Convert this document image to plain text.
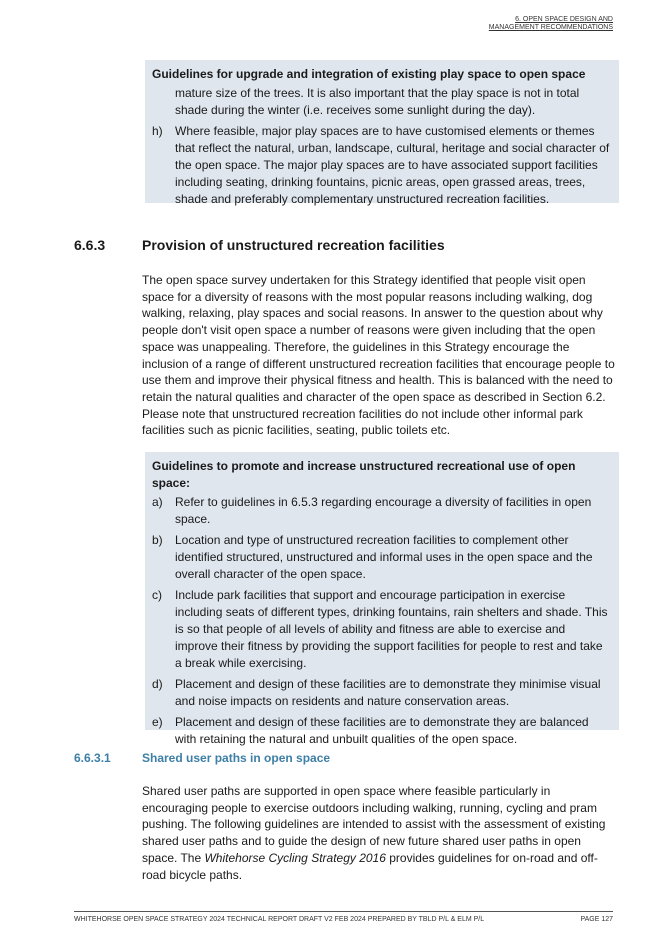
6. OPEN SPACE DESIGN AND
MANAGEMENT RECOMMENDATIONS
Guidelines for upgrade and integration of existing play space to open space
mature size of the trees. It is also important that the play space is not in total shade during the winter (i.e. receives some sunlight during the day).
h)	Where feasible, major play spaces are to have customised elements or themes that reflect the natural, urban, landscape, cultural, heritage and social character of the open space. The major play spaces are to have associated support facilities including seating, drinking fountains, picnic areas, open grassed areas, trees, shade and preferably complementary unstructured recreation facilities.
6.6.3	Provision of unstructured recreation facilities
The open space survey undertaken for this Strategy identified that people visit open space for a diversity of reasons with the most popular reasons including walking, dog walking, relaxing, play spaces and social reasons. In answer to the question about why people don't visit open space a number of reasons were given including that the open space was unappealing. Therefore, the guidelines in this Strategy encourage the inclusion of a range of different unstructured recreation facilities that encourage people to use them and improve their physical fitness and health. This is balanced with the need to retain the natural qualities and character of the open space as described in Section 6.2. Please note that unstructured recreation facilities do not include other informal park facilities such as picnic facilities, seating, public toilets etc.
Guidelines to promote and increase unstructured recreational use of open space:
a)	Refer to guidelines in 6.5.3 regarding encourage a diversity of facilities in open space.
b)	Location and type of unstructured recreation facilities to complement other identified structured, unstructured and informal uses in the open space and the overall character of the open space.
c)	Include park facilities that support and encourage participation in exercise including seats of different types, drinking fountains, rain shelters and shade. This is so that people of all levels of ability and fitness are able to exercise and improve their fitness by providing the support facilities for people to rest and take a break while exercising.
d)	Placement and design of these facilities are to demonstrate they minimise visual and noise impacts on residents and nature conservation areas.
e)	Placement and design of these facilities are to demonstrate they are balanced with retaining the natural and unbuilt qualities of the open space.
6.6.3.1	Shared user paths in open space
Shared user paths are supported in open space where feasible particularly in encouraging people to exercise outdoors including walking, running, cycling and pram pushing. The following guidelines are intended to assist with the assessment of existing shared user paths and to guide the design of new future shared user paths in open space. The Whitehorse Cycling Strategy 2016 provides guidelines for on-road and off-road bicycle paths.
WHITEHORSE OPEN SPACE STRATEGY 2024 TECHNICAL REPORT DRAFT V2 FEB 2024 PREPARED BY TBLD P/L & ELM P/L	PAGE 127
